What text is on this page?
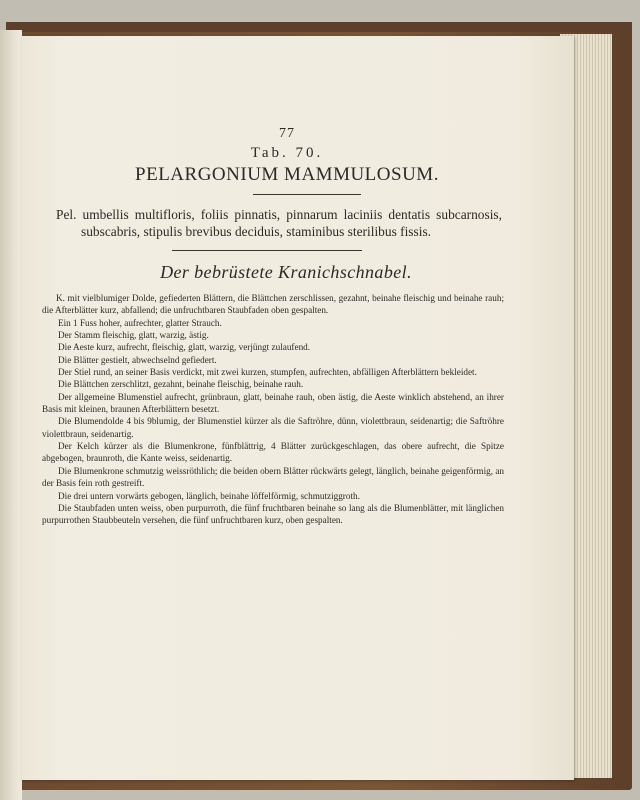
77
Tab. 70.
PELARGONIUM MAMMULOSUM.
Pel. umbellis multifloris, foliis pinnatis, pinnarum laciniis dentatis subcarnosis, subscabris, stipulis brevibus deciduis, staminibus sterilibus fissis.
Der bebrüstete Kranichschnabel.

K. mit vielblumiger Dolde, gefiederten Blättern, die Blättchen zerschlissen, gezahnt, beinahe fleischig und beinahe rauh; die Afterblätter kurz, abfallend; die unfruchtbaren Staubfaden oben gespalten.

Ein 1 Fuss hoher, aufrechter, glatter Strauch.

Der Stamm fleischig, glatt, warzig, ästig.

Die Aeste kurz, aufrecht, fleischig, glatt, warzig, verjüngt zulaufend.

Die Blätter gestielt, abwechselnd gefiedert.

Der Stiel rund, an seiner Basis verdickt, mit zwei kurzen, stumpfen, aufrechten, abfälligen Afterblättern bekleidet.

Die Blättchen zerschlitzt, gezahnt, beinahe fleischig, beinahe rauh.

Der allgemeine Blumenstiel aufrecht, grünbraun, glatt, beinahe rauh, oben ästig, die Aeste winklich abstehend, an ihrer Basis mit kleinen, braunen Afterblättern besetzt.

Die Blumendolde 4 bis 9blumig, der Blumenstiel kürzer als die Saftröhre, dünn, violettbraun, seidenartig; die Saftröhre violettbraun, seidenartig.

Der Kelch kürzer als die Blumenkrone, fünfblättrig, 4 Blätter zurückgeschlagen, das obere aufrecht, die Spitze abgebogen, braunroth, die Kante weiss, seidenartig.

Die Blumenkrone schmutzig weissröthlich; die beiden obern Blätter rückwärts gelegt, länglich, beinahe geigenförmig, an der Basis fein roth gestreift.

Die drei untern vorwärts gebogen, länglich, beinahe löffelförmig, schmutziggroth.

Die Staubfaden unten weiss, oben purpurroth, die fünf fruchtbaren beinahe so lang als die Blumenblätter, mit länglichen purpurrothen Staubbeuteln versehen, die fünf unfruchtbaren kurz, oben gespalten.
